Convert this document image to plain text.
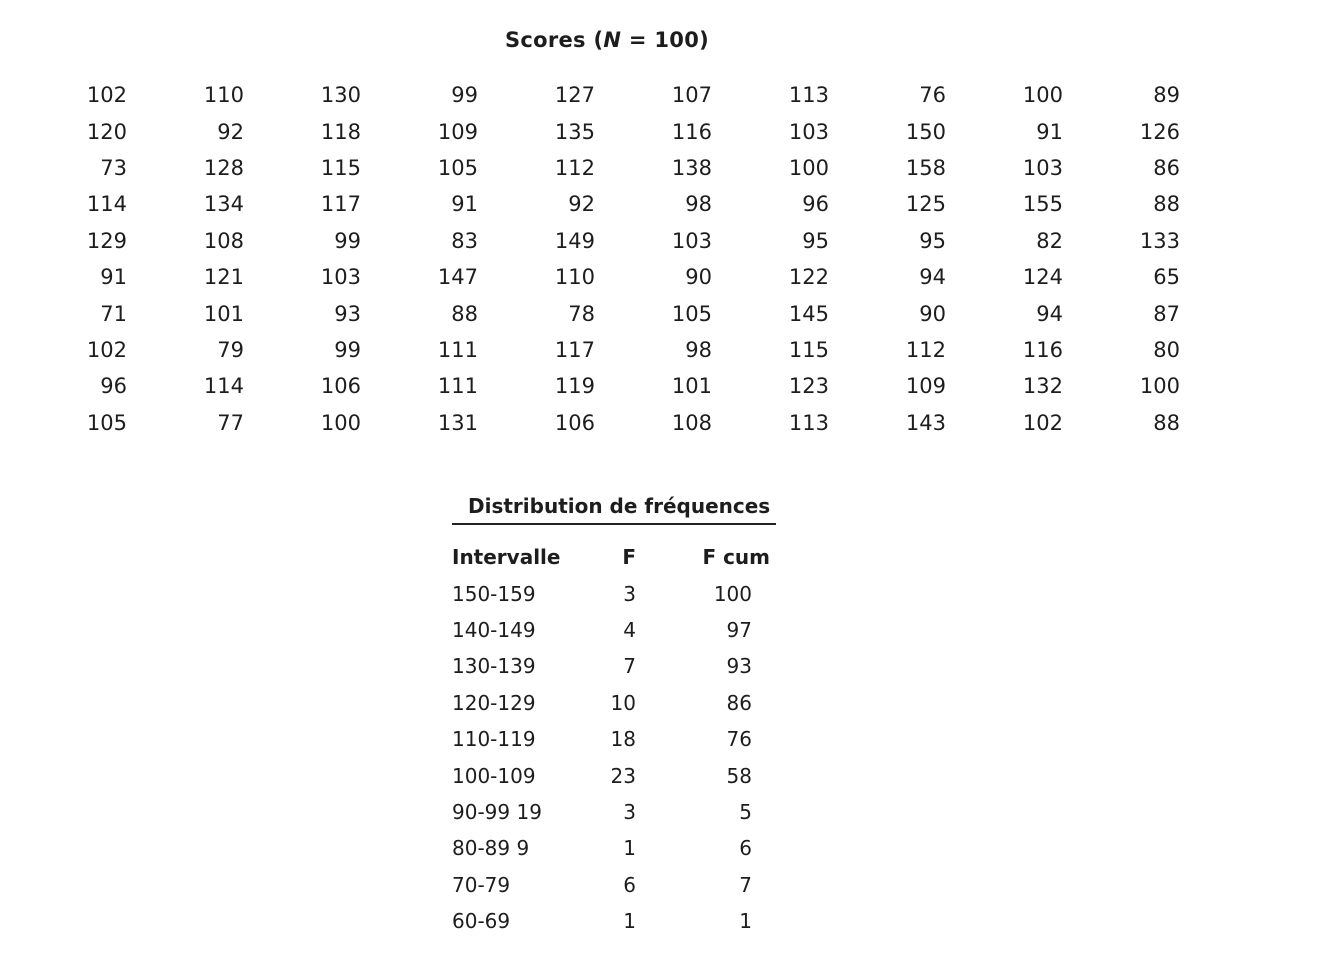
Scores (N = 100)
102	110	130	99	127	107	113	76	100	89
120	92	118	109	135	116	103	150	91	126
73	128	115	105	112	138	100	158	103	86
114	134	117	91	92	98	96	125	155	88
129	108	99	83	149	103	95	95	82	133
91	121	103	147	110	90	122	94	124	65
71	101	93	88	78	105	145	90	94	87
102	79	99	111	117	98	115	112	116	80
96	114	106	111	119	101	123	109	132	100
105	77	100	131	106	108	113	143	102	88
Distribution de fréquences
Intervalle	F	F cum
150-159	3	100
140-149	4	97
130-139	7	93
120-129	10	86
110-119	18	76
100-109	23	58
90-99 19	3	5
80-89 9	1	6
70-79	6	7
60-69	1	1
